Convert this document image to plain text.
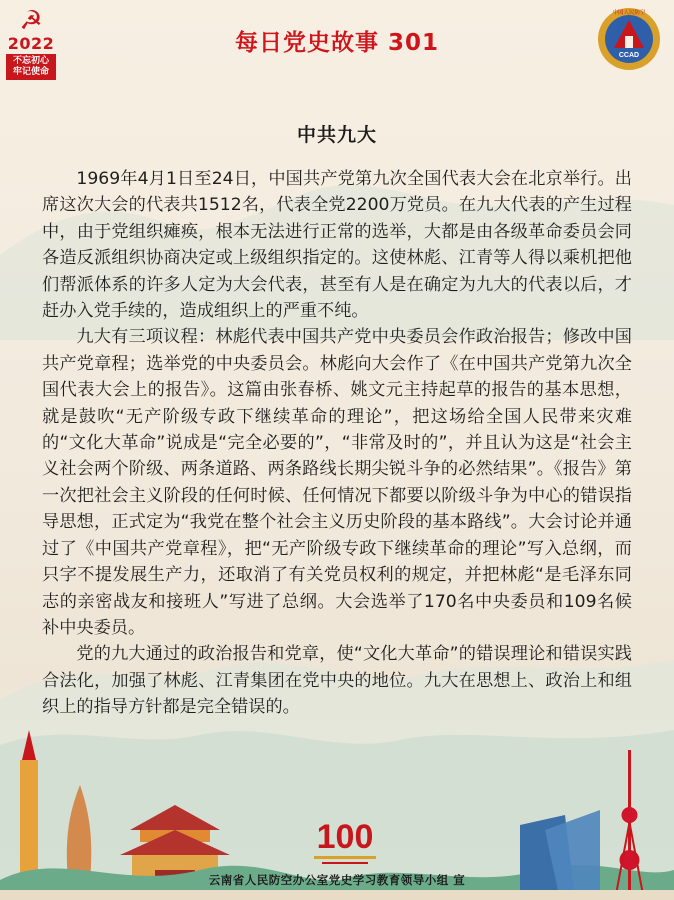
☭
2022
不忘初心
牢记使命
每日党史故事 301	CCAD
中国人民防空
中共九大

1969年4月1日至24日，中国共产党第九次全国代表大会在北京举行。出席这次大会的代表共1512名，代表全党2200万党员。在九大代表的产生过程中，由于党组织瘫痪，根本无法进行正常的选举，大都是由各级革命委员会同各造反派组织协商决定或上级组织指定的。这使林彪、江青等人得以乘机把他们帮派体系的许多人定为大会代表，甚至有人是在确定为九大的代表以后，才赶办入党手续的，造成组织上的严重不纯。

九大有三项议程：林彪代表中国共产党中央委员会作政治报告；修改中国共产党章程；选举党的中央委员会。林彪向大会作了《在中国共产党第九次全国代表大会上的报告》。这篇由张春桥、姚文元主持起草的报告的基本思想，就是鼓吹“无产阶级专政下继续革命的理论”，把这场给全国人民带来灾难的“文化大革命”说成是“完全必要的”，“非常及时的”，并且认为这是“社会主义社会两个阶级、两条道路、两条路线长期尖锐斗争的必然结果”。《报告》第一次把社会主义阶段的任何时候、任何情况下都要以阶级斗争为中心的错误指导思想，正式定为“我党在整个社会主义历史阶段的基本路线”。大会讨论并通过了《中国共产党章程》，把“无产阶级专政下继续革命的理论”写入总纲，而只字不提发展生产力，还取消了有关党员权利的规定，并把林彪“是毛泽东同志的亲密战友和接班人”写进了总纲。大会选举了170名中央委员和109名候补中央委员。

党的九大通过的政治报告和党章，使“文化大革命”的错误理论和错误实践合法化，加强了林彪、江青集团在党中央的地位。九大在思想上、政治上和组织上的指导方针都是完全错误的。

100
云南省人民防空办公室党史学习教育领导小组 宣
